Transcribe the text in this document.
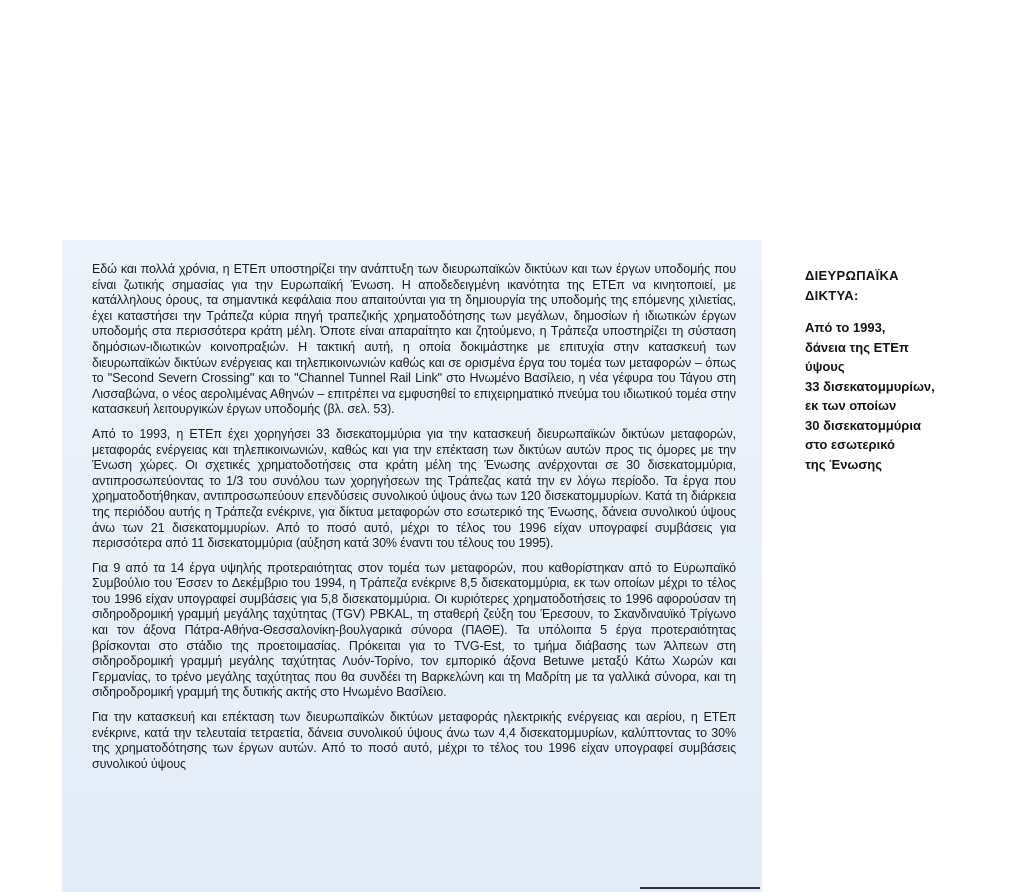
Εδώ και πολλά χρόνια, η ΕΤΕπ υποστηρίζει την ανάπτυξη των διευρωπαϊκών δικτύων και των έργων υποδομής που είναι ζωτικής σημασίας για την Ευρωπαϊκή Ένωση. Η αποδεδειγμένη ικανότητα της ΕΤΕπ να κινητοποιεί, με κατάλληλους όρους, τα σημαντικά κεφάλαια που απαιτούνται για τη δημιουργία της υποδομής της επόμενης χιλιετίας, έχει καταστήσει την Τράπεζα κύρια πηγή τραπεζικής χρηματοδότησης των μεγάλων, δημοσίων ή ιδιωτικών έργων υποδομής στα περισσότερα κράτη μέλη. Όποτε είναι απαραίτητο και ζητούμενο, η Τράπεζα υποστηρίζει τη σύσταση δημόσιων-ιδιωτικών κοινοπραξιών. Η τακτική αυτή, η οποία δοκιμάστηκε με επιτυχία στην κατασκευή των διευρωπαϊκών δικτύων ενέργειας και τηλεπικοινωνιών καθώς και σε ορισμένα έργα του τομέα των μεταφορών – όπως το "Second Severn Crossing" και το "Channel Tunnel Rail Link" στο Ηνωμένο Βασίλειο, η νέα γέφυρα του Τάγου στη Λισσαβώνα, ο νέος αερολιμένας Αθηνών – επιτρέπει να εμφυσηθεί το επιχειρηματικό πνεύμα του ιδιωτικού τομέα στην κατασκευή λειτουργικών έργων υποδομής (βλ. σελ. 53).

Από το 1993, η ΕΤΕπ έχει χορηγήσει 33 δισεκατομμύρια για την κατασκευή διευρωπαϊκών δικτύων μεταφορών, μεταφοράς ενέργειας και τηλεπικοινωνιών, καθώς και για την επέκταση των δικτύων αυτών προς τις όμορες με την Ένωση χώρες. Οι σχετικές χρηματοδοτήσεις στα κράτη μέλη της Ένωσης ανέρχονται σε 30 δισεκατομμύρια, αντιπροσωπεύοντας το 1/3 του συνόλου των χορηγήσεων της Τράπεζας κατά την εν λόγω περίοδο. Τα έργα που χρηματοδοτήθηκαν, αντιπροσωπεύουν επενδύσεις συνολικού ύψους άνω των 120 δισεκατομμυρίων. Κατά τη διάρκεια της περιόδου αυτής η Τράπεζα ενέκρινε, για δίκτυα μεταφορών στο εσωτερικό της Ένωσης, δάνεια συνολικού ύψους άνω των 21 δισεκατομμυρίων. Από το ποσό αυτό, μέχρι το τέλος του 1996 είχαν υπογραφεί συμβάσεις για περισσότερα από 11 δισεκατομμύρια (αύξηση κατά 30% έναντι του τέλους του 1995).

Για 9 από τα 14 έργα υψηλής προτεραιότητας στον τομέα των μεταφορών, που καθορίστηκαν από το Ευρωπαϊκό Συμβούλιο του Έσσεν το Δεκέμβριο του 1994, η Τράπεζα ενέκρινε 8,5 δισεκατομμύρια, εκ των οποίων μέχρι το τέλος του 1996 είχαν υπογραφεί συμβάσεις για 5,8 δισεκατομμύρια. Οι κυριότερες χρηματοδοτήσεις το 1996 αφορούσαν τη σιδηροδρομική γραμμή μεγάλης ταχύτητας (TGV) PBKAL, τη σταθερή ζεύξη του Έρεσουν, το Σκανδιναυϊκό Τρίγωνο και τον άξονα Πάτρα-Αθήνα-Θεσσαλονίκη-βουλγαρικά σύνορα (ΠΑΘΕ). Τα υπόλοιπα 5 έργα προτεραιότητας βρίσκονται στο στάδιο της προετοιμασίας. Πρόκειται για το TVG-Est, το τμήμα διάβασης των Άλπεων στη σιδηροδρομική γραμμή μεγάλης ταχύτητας Λυόν-Τορίνο, τον εμπορικό άξονα Betuwe μεταξύ Κάτω Χωρών και Γερμανίας, το τρένο μεγάλης ταχύτητας που θα συνδέει τη Βαρκελώνη και τη Μαδρίτη με τα γαλλικά σύνορα, και τη σιδηροδρομική γραμμή της δυτικής ακτής στο Ηνωμένο Βασίλειο.

Για την κατασκευή και επέκταση των διευρωπαϊκών δικτύων μεταφοράς ηλεκτρικής ενέργειας και αερίου, η ΕΤΕπ ενέκρινε, κατά την τελευταία τετραετία, δάνεια συνολικού ύψους άνω των 4,4 δισεκατομμυρίων, καλύπτοντας το 30% της χρηματοδότησης των έργων αυτών. Από το ποσό αυτό, μέχρι το τέλος του 1996 είχαν υπογραφεί συμβάσεις συνολικού ύψους

ΔΙΕΥΡΩΠΑΪΚΑ
ΔΙΚΤΥΑ:
Από το 1993,
δάνεια της ΕΤΕπ
ύψους
33 δισεκατομμυρίων,
εκ των οποίων
30 δισεκατομμύρια
στο εσωτερικό
της Ένωσης
